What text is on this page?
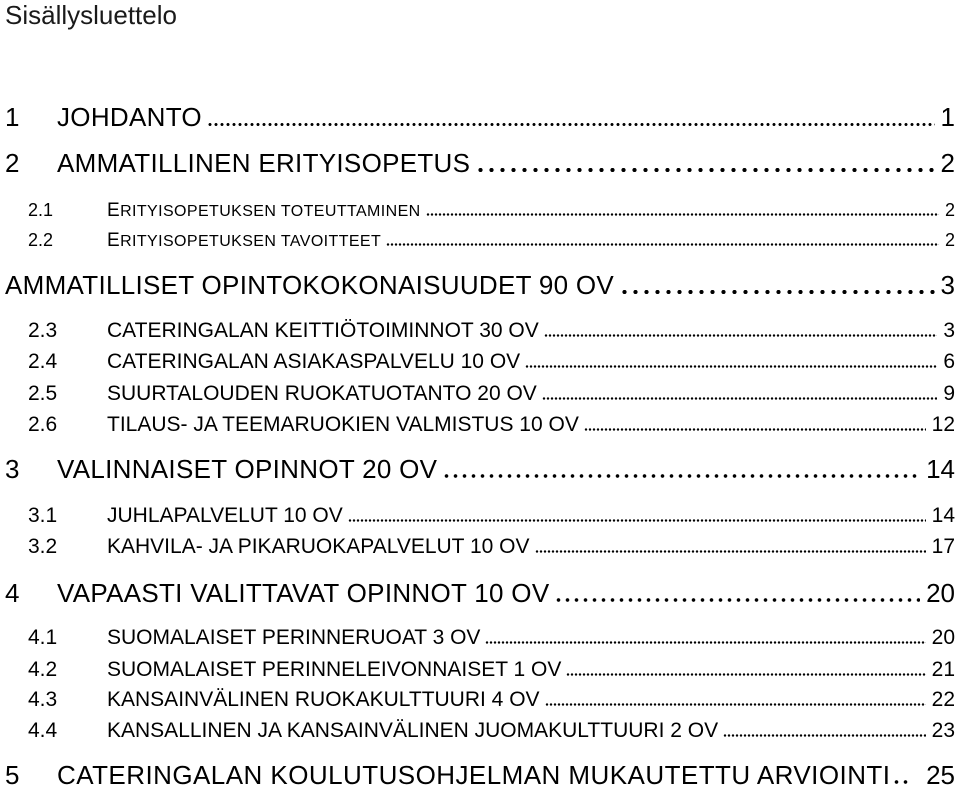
Sisällysluettelo
1	JOHDANTO	1
2	AMMATILLINEN ERITYISOPETUS	2
2.1	ERITYISOPETUKSEN TOTEUTTAMINEN	2
2.2	ERITYISOPETUKSEN TAVOITTEET	2
AMMATILLISET OPINTOKOKONAISUUDET 90 OV	3
2.3	CATERINGALAN KEITTIÖTOIMINNOT 30 OV	3
2.4	CATERINGALAN ASIAKASPALVELU 10 OV	6
2.5	SUURTALOUDEN RUOKATUOTANTO 20 OV	9
2.6	TILAUS- JA TEEMARUOKIEN VALMISTUS 10 OV	12
3	VALINNAISET OPINNOT 20 OV	14
3.1	JUHLAPALVELUT 10 OV	14
3.2	KAHVILA- JA PIKARUOKAPALVELUT 10 OV	17
4	VAPAASTI VALITTAVAT OPINNOT 10 OV	20
4.1	SUOMALAISET PERINNERUOAT 3 OV	20
4.2	SUOMALAISET PERINNELEIVONNAISET 1 OV	21
4.3	KANSAINVÄLINEN RUOKAKULTTUURI 4 OV	22
4.4	KANSALLINEN JA KANSAINVÄLINEN JUOMAKULTTUURI 2 OV	23
5	CATERINGALAN KOULUTUSOHJELMAN MUKAUTETTU ARVIOINTI 25
